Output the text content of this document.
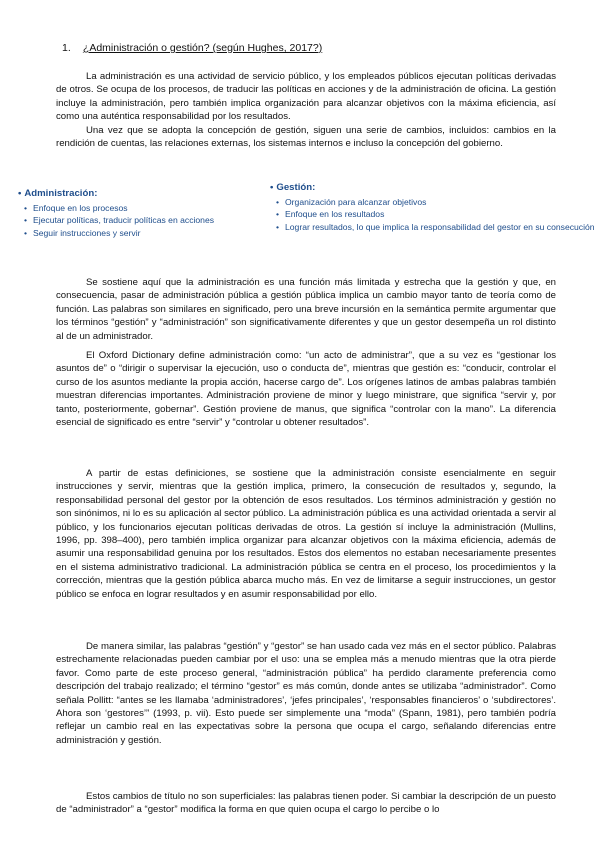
1. ¿Administración o gestión? (según Hughes, 2017?)

La administración es una actividad de servicio público, y los empleados públicos ejecutan políticas derivadas de otros. Se ocupa de los procesos, de traducir las políticas en acciones y de la administración de oficina. La gestión incluye la administración, pero también implica organización para alcanzar objetivos con la máxima eficiencia, así como una auténtica responsabilidad por los resultados.

Una vez que se adopta la concepción de gestión, siguen una serie de cambios, incluidos: cambios en la rendición de cuentas, las relaciones externas, los sistemas internos e incluso la concepción del gobierno.

• Administración:
• Enfoque en los procesos
• Ejecutar políticas, traducir políticas en acciones
• Seguir instrucciones y servir
• Gestión:
• Organización para alcanzar objetivos
• Enfoque en los resultados
• Lograr resultados, lo que implica la responsabilidad del gestor en su consecución

Se sostiene aquí que la administración es una función más limitada y estrecha que la gestión y que, en consecuencia, pasar de administración pública a gestión pública implica un cambio mayor tanto de teoría como de función. Las palabras son similares en significado, pero una breve incursión en la semántica permite argumentar que los términos “gestión” y “administración” son significativamente diferentes y que un gestor desempeña un rol distinto al de un administrador.

El Oxford Dictionary define administración como: “un acto de administrar”, que a su vez es “gestionar los asuntos de” o “dirigir o supervisar la ejecución, uso o conducta de”, mientras que gestión es: “conducir, controlar el curso de los asuntos mediante la propia acción, hacerse cargo de”. Los orígenes latinos de ambas palabras también muestran diferencias importantes. Administración proviene de minor y luego ministrare, que significa “servir y, por tanto, posteriormente, gobernar”. Gestión proviene de manus, que significa “controlar con la mano”. La diferencia esencial de significado es entre “servir” y “controlar u obtener resultados”.

A partir de estas definiciones, se sostiene que la administración consiste esencialmente en seguir instrucciones y servir, mientras que la gestión implica, primero, la consecución de resultados y, segundo, la responsabilidad personal del gestor por la obtención de esos resultados. Los términos administración y gestión no son sinónimos, ni lo es su aplicación al sector público. La administración pública es una actividad orientada a servir al público, y los funcionarios ejecutan políticas derivadas de otros. La gestión sí incluye la administración (Mullins, 1996, pp. 398–400), pero también implica organizar para alcanzar objetivos con la máxima eficiencia, además de asumir una responsabilidad genuina por los resultados. Estos dos elementos no estaban necesariamente presentes en el sistema administrativo tradicional. La administración pública se centra en el proceso, los procedimientos y la corrección, mientras que la gestión pública abarca mucho más. En vez de limitarse a seguir instrucciones, un gestor público se enfoca en lograr resultados y en asumir responsabilidad por ello.

De manera similar, las palabras “gestión” y “gestor” se han usado cada vez más en el sector público. Palabras estrechamente relacionadas pueden cambiar por el uso: una se emplea más a menudo mientras que la otra pierde favor. Como parte de este proceso general, “administración pública” ha perdido claramente preferencia como descripción del trabajo realizado; el término “gestor” es más común, donde antes se utilizaba “administrador”. Como señala Pollitt: “antes se les llamaba ‘administradores’, ‘jefes principales’, ‘responsables financieros’ o ‘subdirectores’. Ahora son ‘gestores’” (1993, p. vii). Esto puede ser simplemente una “moda” (Spann, 1981), pero también podría reflejar un cambio real en las expectativas sobre la persona que ocupa el cargo, señalando diferencias entre administración y gestión.

Estos cambios de título no son superficiales: las palabras tienen poder. Si cambiar la descripción de un puesto de “administrador” a “gestor” modifica la forma en que quien ocupa el cargo lo percibe o lo
